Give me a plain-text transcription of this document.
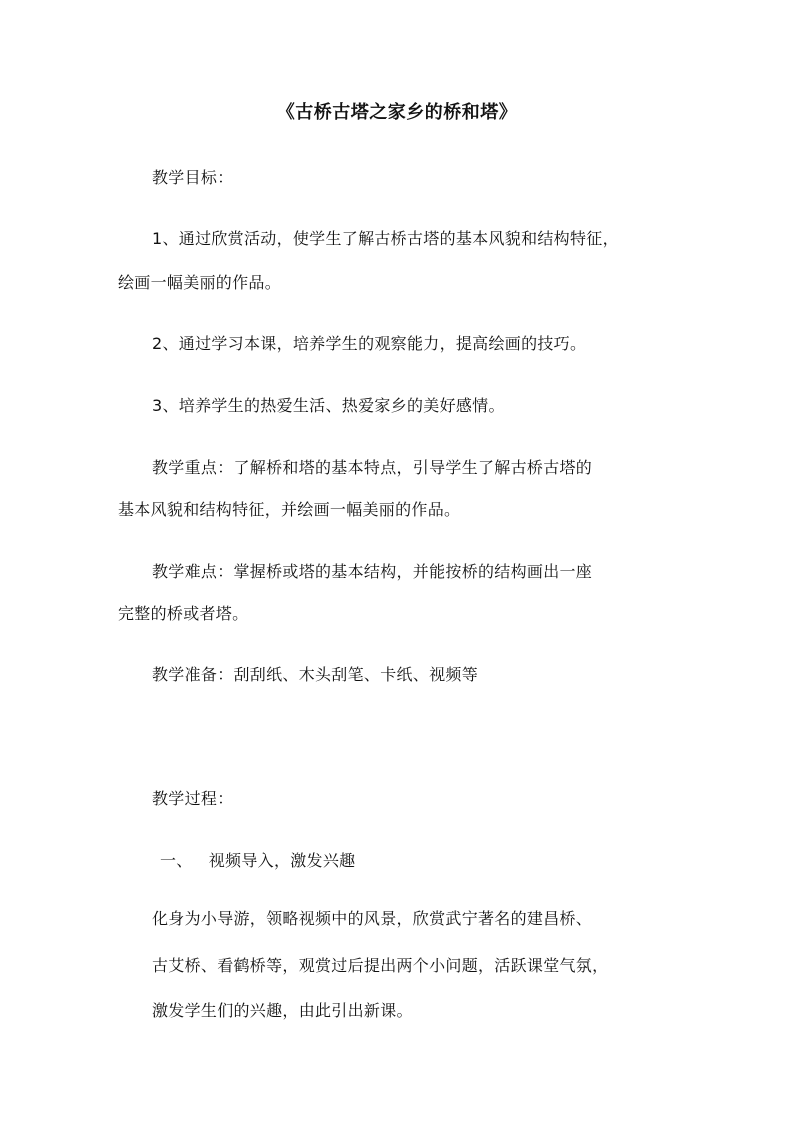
《古桥古塔之家乡的桥和塔》

教学目标：

1、通过欣赏活动，使学生了解古桥古塔的基本风貌和结构特征，

绘画一幅美丽的作品。

2、通过学习本课，培养学生的观察能力，提高绘画的技巧。

3、培养学生的热爱生活、热爱家乡的美好感情。

教学重点：了解桥和塔的基本特点，引导学生了解古桥古塔的

基本风貌和结构特征，并绘画一幅美丽的作品。

教学难点：掌握桥或塔的基本结构，并能按桥的结构画出一座

完整的桥或者塔。

教学准备：刮刮纸、木头刮笔、卡纸、视频等

教学过程：

一、   视频导入，激发兴趣

化身为小导游，领略视频中的风景，欣赏武宁著名的建昌桥、

古艾桥、看鹤桥等，观赏过后提出两个小问题，活跃课堂气氛，

激发学生们的兴趣，由此引出新课。
